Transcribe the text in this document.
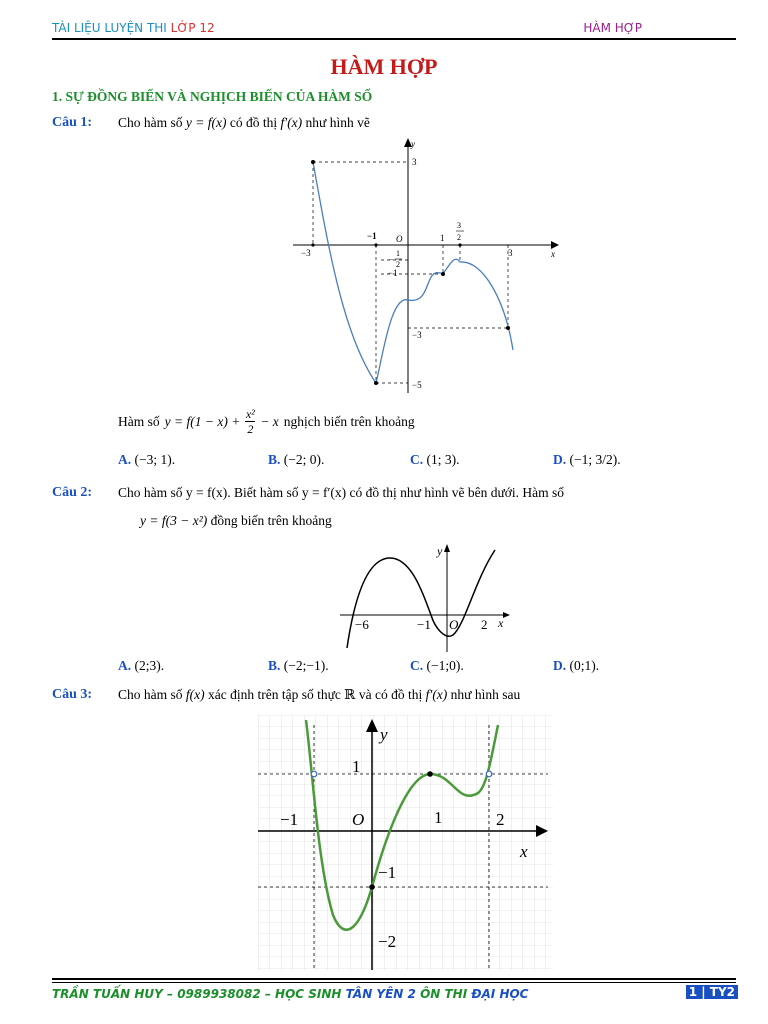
TÀI LIỆU LUYỆN THI LỚP 12	HÀM HỢP
HÀM HỢP
1. SỰ ĐỒNG BIẾN VÀ NGHỊCH BIẾN CỦA HÀM SỐ
Câu 1: Cho hàm số y = f(x) có đồ thị f′(x) như hình vẽ
y
x
O
−3
−1	1
3
3
2
3
−1
−
1
2
−3
−5
Hàm số $y = f(1 - x) + \frac{\text{x²}}{2} - x$ nghịch biến trên khoảng
A. (−3; 1).	B. (−2; 0).	C. (1; 3).	D. (−1; 3/2).
Câu 2: Cho hàm số y = f(x). Biết hàm số y = f′(x) có đồ thị như hình vẽ bên dưới. Hàm số
y = f(3 − x²) đồng biến trên khoảng
y
x
O
−6	−1	2
A. (2;3).	B. (−2;−1).	C. (−1;0).	D. (0;1).
Câu 3: Cho hàm số f(x) xác định trên tập số thực ℝ và có đồ thị f′(x) như hình sau
y
x
O
−1	1	2
1
−1
−2
TRẦN TUẤN HUY – 0989938082 – HỌC SINH TÂN YÊN 2 ÔN THI ĐẠI HỌC	1 | TY2
